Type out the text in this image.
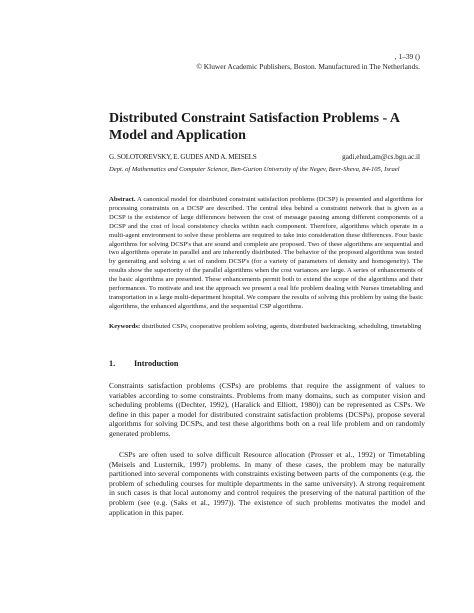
, 1–39 ()
© Kluwer Academic Publishers, Boston. Manufactured in The Netherlands.
Distributed Constraint Satisfaction Problems - A Model and Application
G. SOLOTOREVSKY, E. GUDES AND A. MEISELS	gadi,ehud,am@cs.bgu.ac.il
Dept. of Mathematics and Computer Science, Ben-Gurion University of the Negev, Beer-Sheva, 84-105, Israel
Abstract. A canonical model for distributed constraint satisfaction problems (DCSP) is presented and algorithms for processing constraints on a DCSP are described. The central idea behind a constraint network that is given as a DCSP is the existence of large differences between the cost of message passing among different components of a DCSP and the cost of local consistency checks within each component. Therefore, algorithms which operate in a multi-agent environment to solve these problems are required to take into consideration these differences. Four basic algorithms for solving DCSP's that are sound and complete are proposed. Two of these algorithms are sequential and two algorithms operate in parallel and are inherently distributed. The behavior of the proposed algorithms was tested by generating and solving a set of random DCSP's (for a variety of parameters of density and homogeneity). The results show the superiority of the parallel algorithms when the cost variances are large. A series of enhancements of the basic algorithms are presented. These enhancements permit both to extend the scope of the algorithms and their performances. To motivate and test the approach we present a real life problem dealing with Nurses timetabling and transportation in a large multi-department hospital. We compare the results of solving this problem by using the basic algorithms, the enhanced algorithms, and the sequential CSP algorithms.
Keywords: distributed CSPs, cooperative problem solving, agents, distributed backtracking, scheduling, timetabling
1. Introduction
Constraints satisfaction problems (CSPs) are problems that require the assignment of values to variables according to some constraints. Problems from many domains, such as computer vision and scheduling problems ((Dechter, 1992), (Haralick and Elliott, 1980)) can be represented as CSPs. We define in this paper a model for distributed constraint satisfaction problems (DCSPs), propose several algorithms for solving DCSPs, and test these algorithms both on a real life problem and on randomly generated problems.
CSPs are often used to solve difficult Resource allocation (Prosser et al., 1992) or Timetabling (Meisels and Lusternik, 1997) problems. In many of these cases, the problem may be naturally partitioned into several components with constraints existing between parts of the components (e.g. the problem of scheduling courses for multiple departments in the same university). A strong requirement in such cases is that local autonomy and control requires the preserving of the natural partition of the problem (see (e.g. (Saks et al., 1997)). The existence of such problems motivates the model and application in this paper.
